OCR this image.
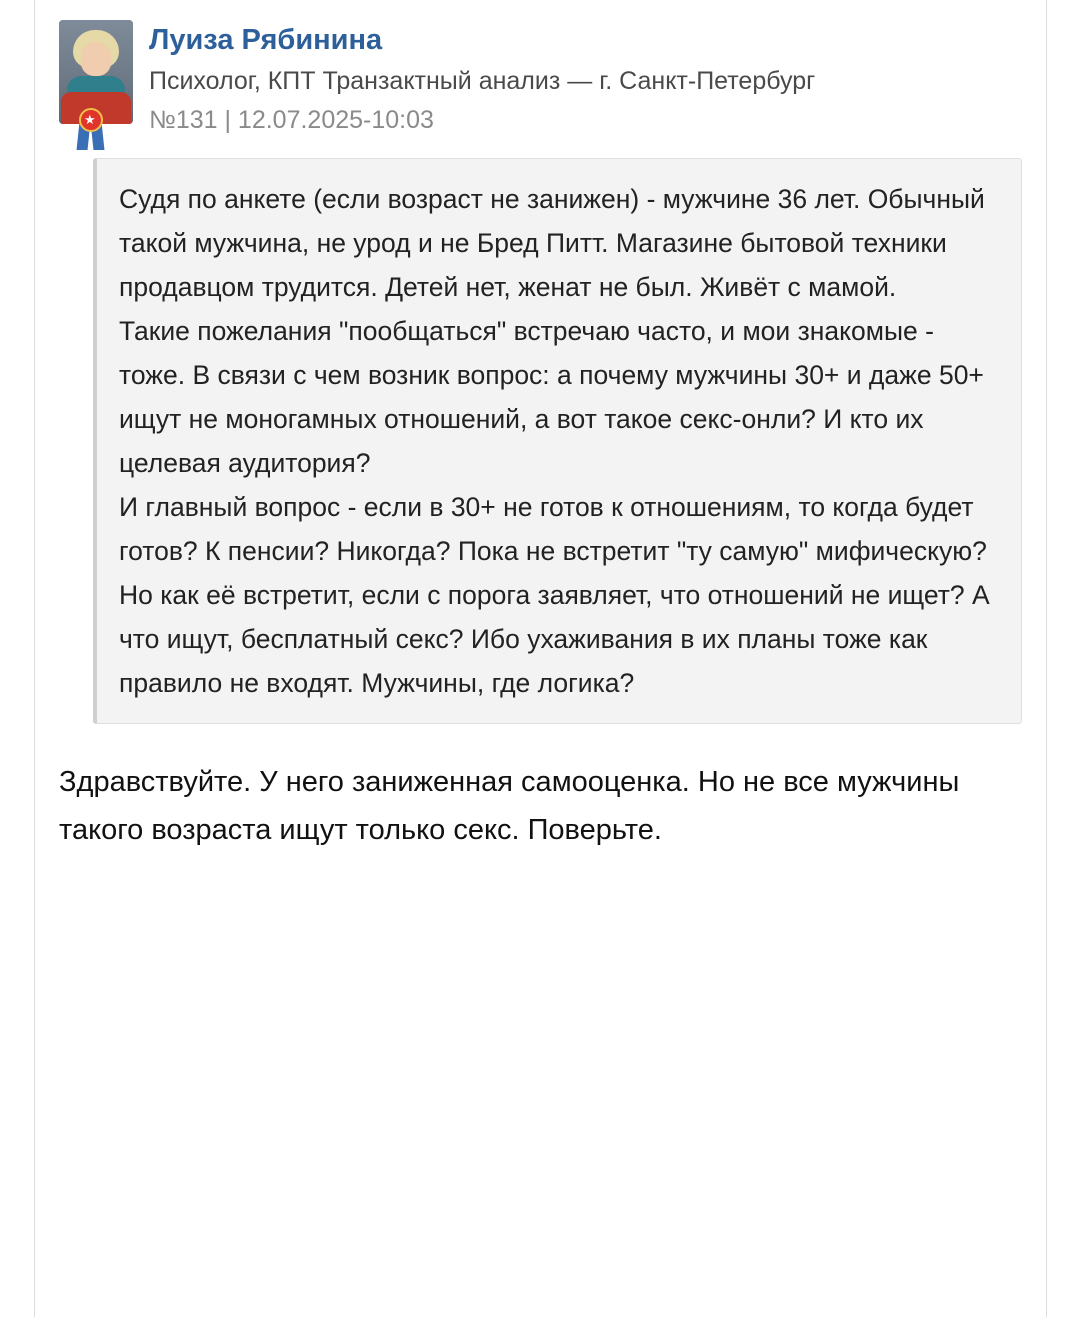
★
Луиза Рябинина
Психолог, КПТ Транзактный анализ — г. Санкт-Петербург
№131 | 12.07.2025-10:03

Судя по анкете (если возраст не занижен) - мужчине 36 лет. Обычный такой мужчина, не урод и не Бред Питт. Магазине бытовой техники продавцом трудится. Детей нет, женат не был. Живёт с мамой.

Такие пожелания "пообщаться" встречаю часто, и мои знакомые - тоже. В связи с чем возник вопрос: а почему мужчины 30+ и даже 50+ ищут не моногамных отношений, а вот такое секс-онли? И кто их целевая аудитория?

И главный вопрос - если в 30+ не готов к отношениям, то когда будет готов? К пенсии? Никогда? Пока не встретит "ту самую" мифическую? Но как её встретит, если с порога заявляет, что отношений не ищет? А что ищут, бесплатный секс? Ибо ухаживания в их планы тоже как правило не входят. Мужчины, где логика?

Здравствуйте. У него заниженная самооценка. Но не все мужчины такого возраста ищут только секс. Поверьте.
